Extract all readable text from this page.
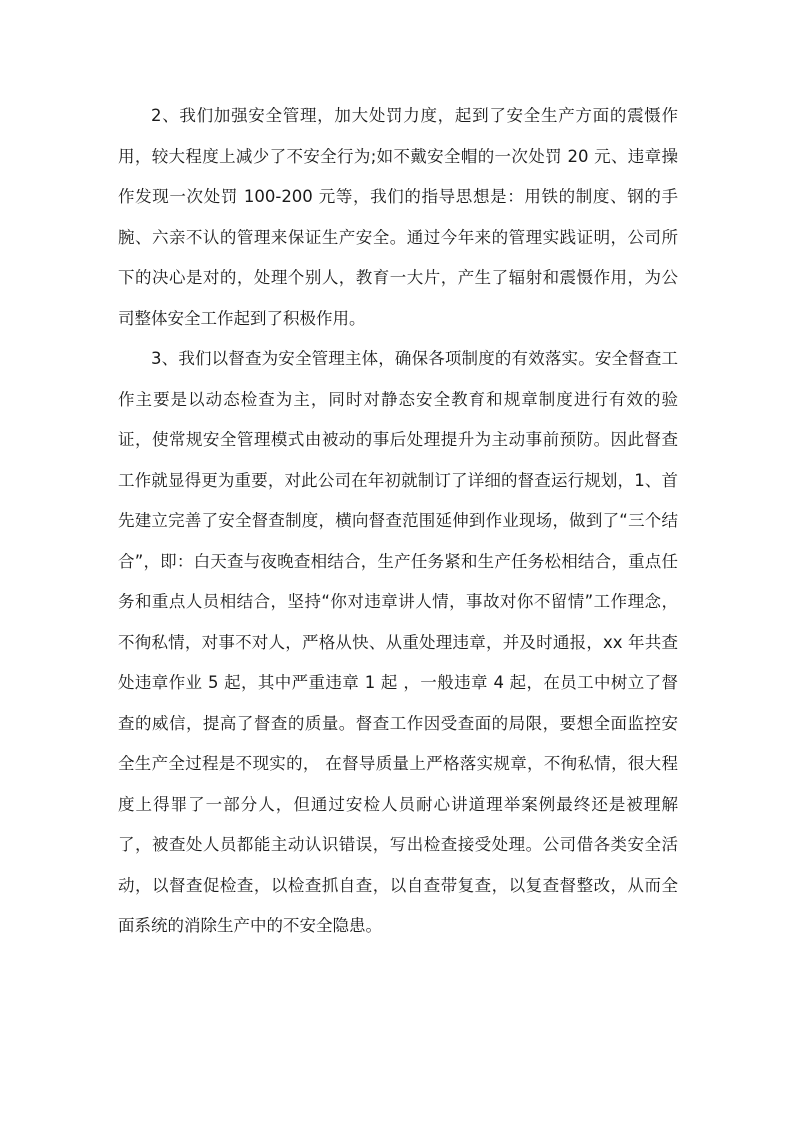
2、我们加强安全管理，加大处罚力度，起到了安全生产方面的震慑作用，较大程度上减少了不安全行为;如不戴安全帽的一次处罚 20 元、违章操作发现一次处罚 100-200 元等，我们的指导思想是：用铁的制度、钢的手腕、六亲不认的管理来保证生产安全。通过今年来的管理实践证明，公司所下的决心是对的，处理个别人，教育一大片，产生了辐射和震慑作用，为公司整体安全工作起到了积极作用。

3、我们以督查为安全管理主体，确保各项制度的有效落实。安全督查工作主要是以动态检查为主，同时对静态安全教育和规章制度进行有效的验证，使常规安全管理模式由被动的事后处理提升为主动事前预防。因此督查工作就显得更为重要，对此公司在年初就制订了详细的督查运行规划，1、首先建立完善了安全督查制度，横向督查范围延伸到作业现场，做到了“三个结合”，即：白天查与夜晚查相结合，生产任务紧和生产任务松相结合，重点任务和重点人员相结合，坚持“你对违章讲人情，事故对你不留情”工作理念，不徇私情，对事不对人，严格从快、从重处理违章，并及时通报，xx 年共查处违章作业 5 起，其中严重违章 1 起 ，一般违章 4 起，在员工中树立了督查的威信，提高了督查的质量。督查工作因受查面的局限，要想全面监控安全生产全过程是不现实的， 在督导质量上严格落实规章，不徇私情，很大程度上得罪了一部分人，但通过安检人员耐心讲道理举案例最终还是被理解了，被查处人员都能主动认识错误，写出检查接受处理。公司借各类安全活动，以督查促检查，以检查抓自查，以自查带复查，以复查督整改，从而全面系统的消除生产中的不安全隐患。
